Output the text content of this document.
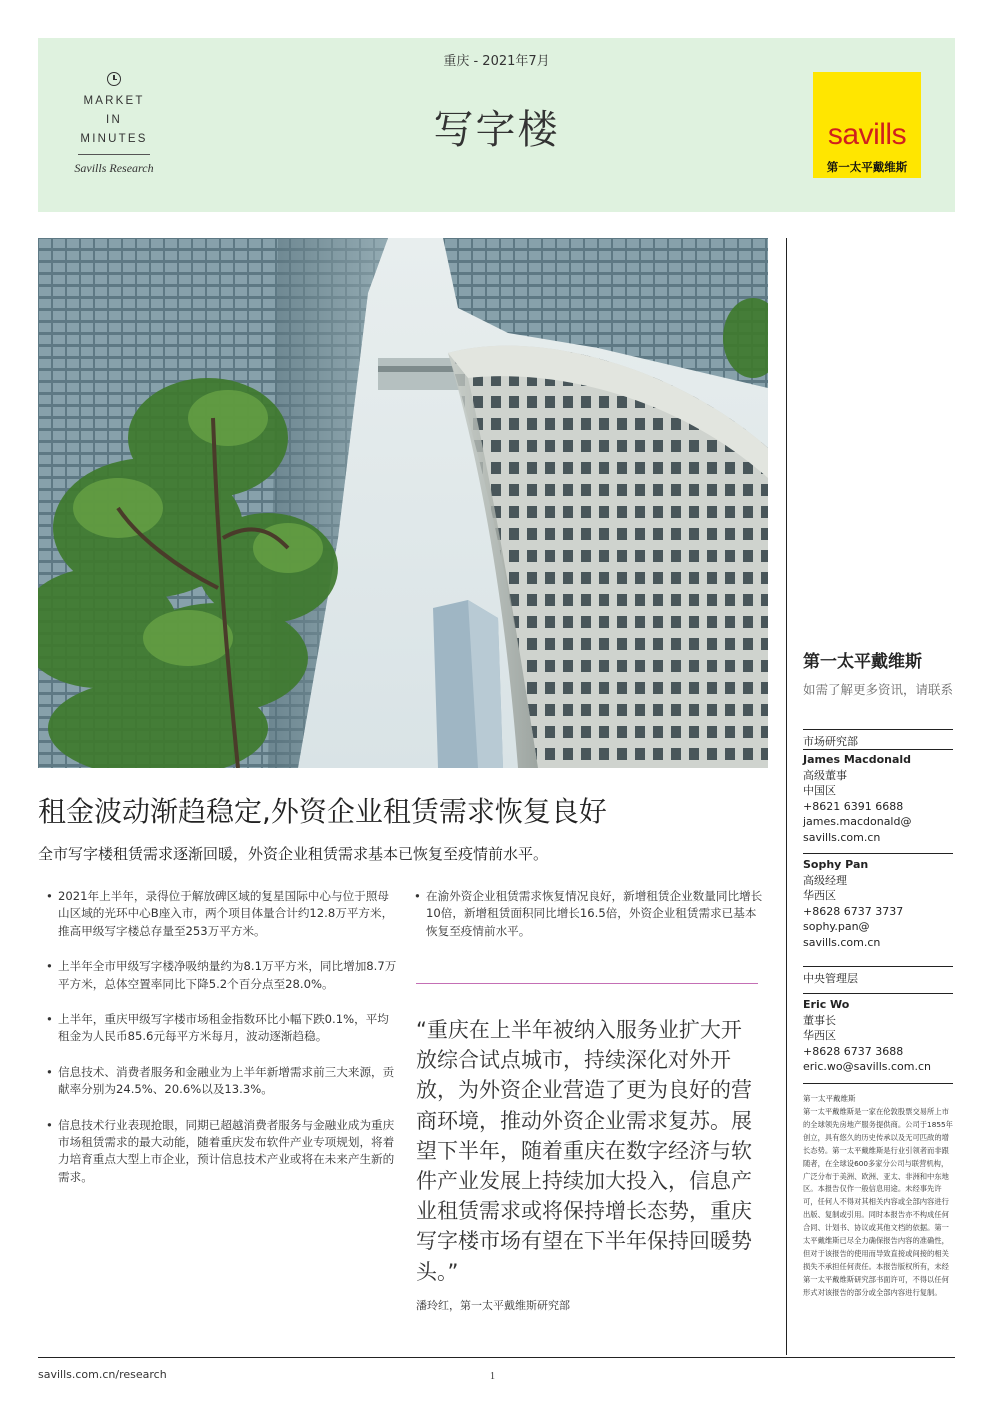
MARKET
IN
MINUTES
Savills Research
重庆 - 2021年7月
写字楼	savills
第一太平戴维斯
租金波动渐趋稳定,外资企业租赁需求恢复良好
全市写字楼租赁需求逐渐回暖，外资企业租赁需求基本已恢复至疫情前水平。
• 2021年上半年，录得位于解放碑区域的复星国际中心与位于照母山区域的光环中心B座入市，两个项目体量合计约12.8万平方米，推高甲级写字楼总存量至253万平方米。
• 上半年全市甲级写字楼净吸纳量约为8.1万平方米，同比增加8.7万平方米，总体空置率同比下降5.2个百分点至28.0%。
• 上半年，重庆甲级写字楼市场租金指数环比小幅下跌0.1%，平均租金为人民币85.6元每平方米每月，波动逐渐趋稳。
• 信息技术、消费者服务和金融业为上半年新增需求前三大来源，贡献率分别为24.5%、20.6%以及13.3%。
• 信息技术行业表现抢眼，同期已超越消费者服务与金融业成为重庆市场租赁需求的最大动能，随着重庆发布软件产业专项规划，将着力培育重点大型上市企业，预计信息技术产业或将在未来产生新的需求。
• 在渝外资企业租赁需求恢复情况良好，新增租赁企业数量同比增长10倍，新增租赁面积同比增长16.5倍，外资企业租赁需求已基本恢复至疫情前水平。
“重庆在上半年被纳入服务业扩大开放综合试点城市，持续深化对外开放，为外资企业营造了更为良好的营商环境，推动外资企业需求复苏。展望下半年，随着重庆在数字经济与软件产业发展上持续加大投入，信息产业租赁需求或将保持增长态势，重庆写字楼市场有望在下半年保持回暖势头。”
潘玲红，第一太平戴维斯研究部
第一太平戴维斯
如需了解更多资讯，请联系
市场研究部
James Macdonald
高级董事
中国区
+8621 6391 6688
james.macdonald@
savills.com.cn
Sophy Pan
高级经理
华西区
+8628 6737 3737
sophy.pan@
savills.com.cn
中央管理层
Eric Wo
董事长
华西区
+8628 6737 3688
eric.wo@savills.com.cn
第一太平戴维斯
第一太平戴维斯是一家在伦敦股票交易所上市的全球领先房地产服务提供商。公司于1855年创立，具有悠久的历史传承以及无可匹敌的增长态势。第一太平戴维斯是行业引领者而非跟随者，在全球设600多家分公司与联营机构，广泛分布于美洲、欧洲、亚太、非洲和中东地区。本报告仅作一般信息用途。未经事先许可，任何人不得对其相关内容或全部内容进行出版、复制或引用。同时本报告亦不构成任何合同、计划书、协议或其他文档的依据。第一太平戴维斯已尽全力确保报告内容的准确性，但对于该报告的使用而导致直接或间接的相关损失不承担任何责任。本报告版权所有，未经第一太平戴维斯研究部书面许可，不得以任何形式对该报告的部分或全部内容进行复制。
savills.com.cn/research	1
